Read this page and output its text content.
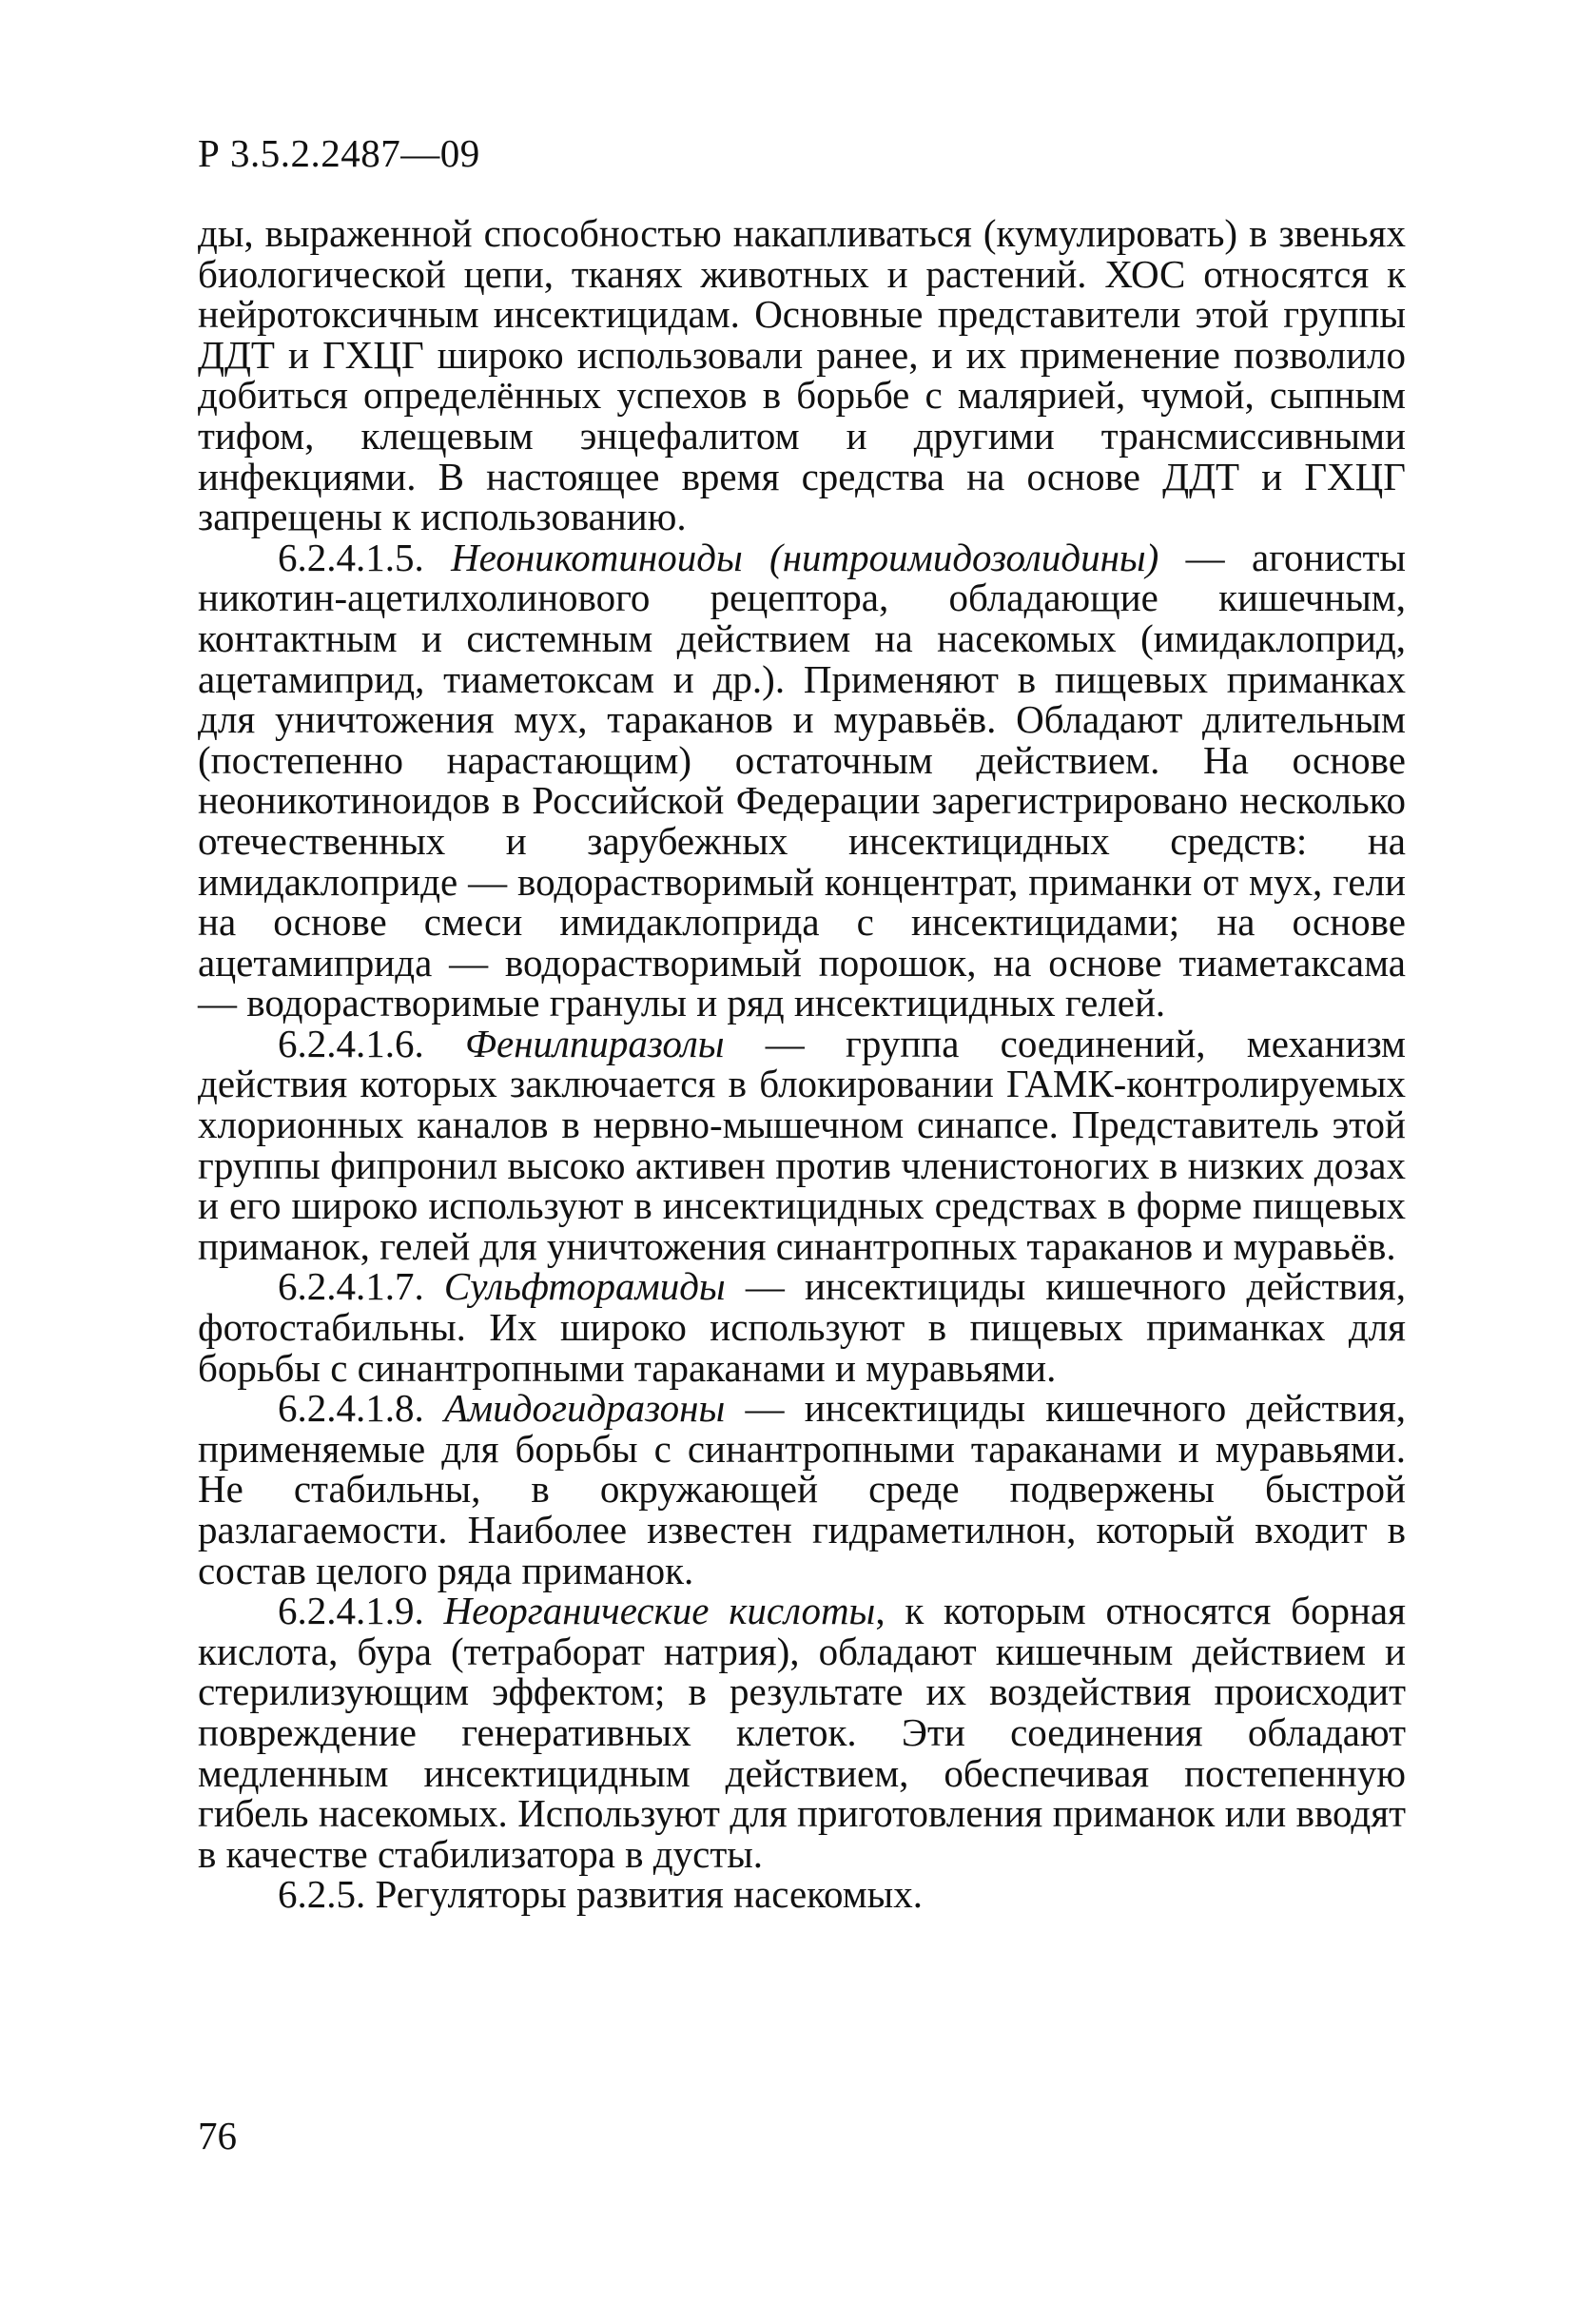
Р 3.5.2.2487—09

ды, выраженной способностью накапливаться (кумулировать) в звеньях биологической цепи, тканях животных и растений. ХОС относятся к нейротоксичным инсектицидам. Основные представители этой группы ДДТ и ГХЦГ широко использовали ранее, и их применение позволило добиться определённых успехов в борьбе с малярией, чумой, сыпным тифом, клещевым энцефалитом и другими трансмиссивными инфекциями. В настоящее время средства на основе ДДТ и ГХЦГ запрещены к использованию.

6.2.4.1.5. Неоникотиноиды (нитроимидозолидины) — агонисты никотин-ацетилхолинового рецептора, обладающие кишечным, контактным и системным действием на насекомых (имидаклоприд, ацетамиприд, тиаметоксам и др.). Применяют в пищевых приманках для уничтожения мух, тараканов и муравьёв. Обладают длительным (постепенно нарастающим) остаточным действием. На основе неоникотиноидов в Российской Федерации зарегистрировано несколько отечественных и зарубежных инсектицидных средств: на имидаклоприде — водорастворимый концентрат, приманки от мух, гели на основе смеси имидаклоприда с инсектицидами; на основе ацетамиприда — водорастворимый порошок, на основе тиаметаксама — водорастворимые гранулы и ряд инсектицидных гелей.

6.2.4.1.6. Фенилпиразолы — группа соединений, механизм действия которых заключается в блокировании ГАМК-контролируемых хлорионных каналов в нервно-мышечном синапсе. Представитель этой группы фипронил высоко активен против членистоногих в низких дозах и его широко используют в инсектицидных средствах в форме пищевых приманок, гелей для уничтожения синантропных тараканов и муравьёв.

6.2.4.1.7. Сульфторамиды — инсектициды кишечного действия, фотостабильны. Их широко используют в пищевых приманках для борьбы с синантропными тараканами и муравьями.

6.2.4.1.8. Амидогидразоны — инсектициды кишечного действия, применяемые для борьбы с синантропными тараканами и муравьями. Не стабильны, в окружающей среде подвержены быстрой разлагаемости. Наиболее известен гидраметилнон, который входит в состав целого ряда приманок.

6.2.4.1.9. Неорганические кислоты, к которым относятся борная кислота, бура (тетраборат натрия), обладают кишечным действием и стерилизующим эффектом; в результате их воздействия происходит повреждение генеративных клеток. Эти соединения обладают медленным инсектицидным действием, обеспечивая постепенную гибель насекомых. Используют для приготовления приманок или вводят в качестве стабилизатора в дусты.

6.2.5. Регуляторы развития насекомых.

76
